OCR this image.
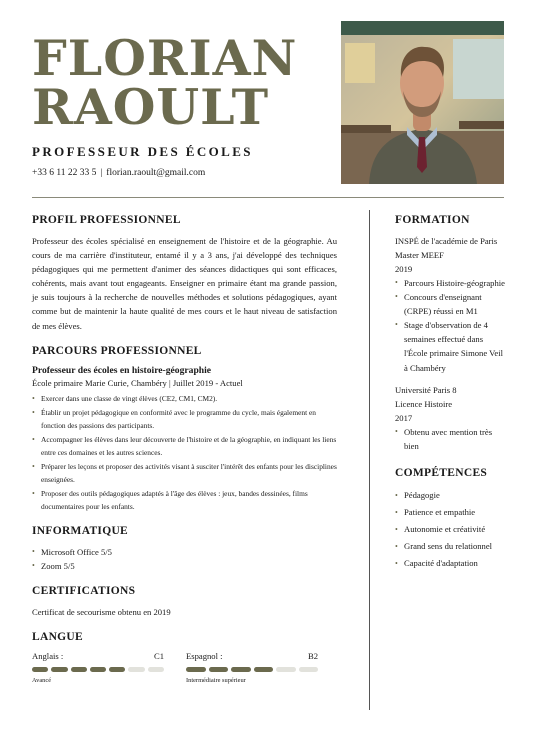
FLORIAN
RAOULT
PROFESSEUR DES ÉCOLES
+33 6 11 22 33 5 | florian.raoult@gmail.com
PROFIL PROFESSIONNEL

Professeur des écoles spécialisé en enseignement de l'histoire et de la géographie. Au cours de ma carrière d'instituteur, entamé il y a 3 ans, j'ai développé des techniques pédagogiques qui me permettent d'animer des séances didactiques qui sont efficaces, cohérents, mais avant tout engageants. Enseigner en primaire étant ma grande passion, je suis toujours à la recherche de nouvelles méthodes et solutions pédagogiques, ayant comme but de maintenir la haute qualité de mes cours et le haut niveau de satisfaction de mes élèves.

PARCOURS PROFESSIONNEL
Professeur des écoles en histoire-géographie
École primaire Marie Curie, Chambéry | Juillet 2019 - Actuel
• Exercer dans une classe de vingt élèves (CE2, CM1, CM2).
• Établir un projet pédagogique en conformité avec le programme du cycle, mais également en fonction des passions des participants.
• Accompagner les élèves dans leur découverte de l'histoire et de la géographie, en indiquant les liens entre ces domaines et les autres sciences.
• Préparer les leçons et proposer des activités visant à susciter l'intérêt des enfants pour les disciplines enseignées.
• Proposer des outils pédagogiques adaptés à l'âge des élèves : jeux, bandes dessinées, films documentaires pour les enfants.
INFORMATIQUE
• Microsoft Office 5/5
• Zoom 5/5
CERTIFICATIONS

Certificat de secourisme obtenu en 2019

LANGUE
Anglais :	C1
Avancé
Espagnol :	B2
Intermédiaire supérieur
FORMATION
INSPÉ de l'académie de Paris
Master MEEF
2019
• Parcours Histoire-géographie
• Concours d'enseignant (CRPE) réussi en M1
• Stage d'observation de 4 semaines effectué dans l'École primaire Simone Veil à Chambéry
Université Paris 8
Licence Histoire
2017
• Obtenu avec mention très bien
COMPÉTENCES
• Pédagogie
• Patience et empathie
• Autonomie et créativité
• Grand sens du relationnel
• Capacité d'adaptation
